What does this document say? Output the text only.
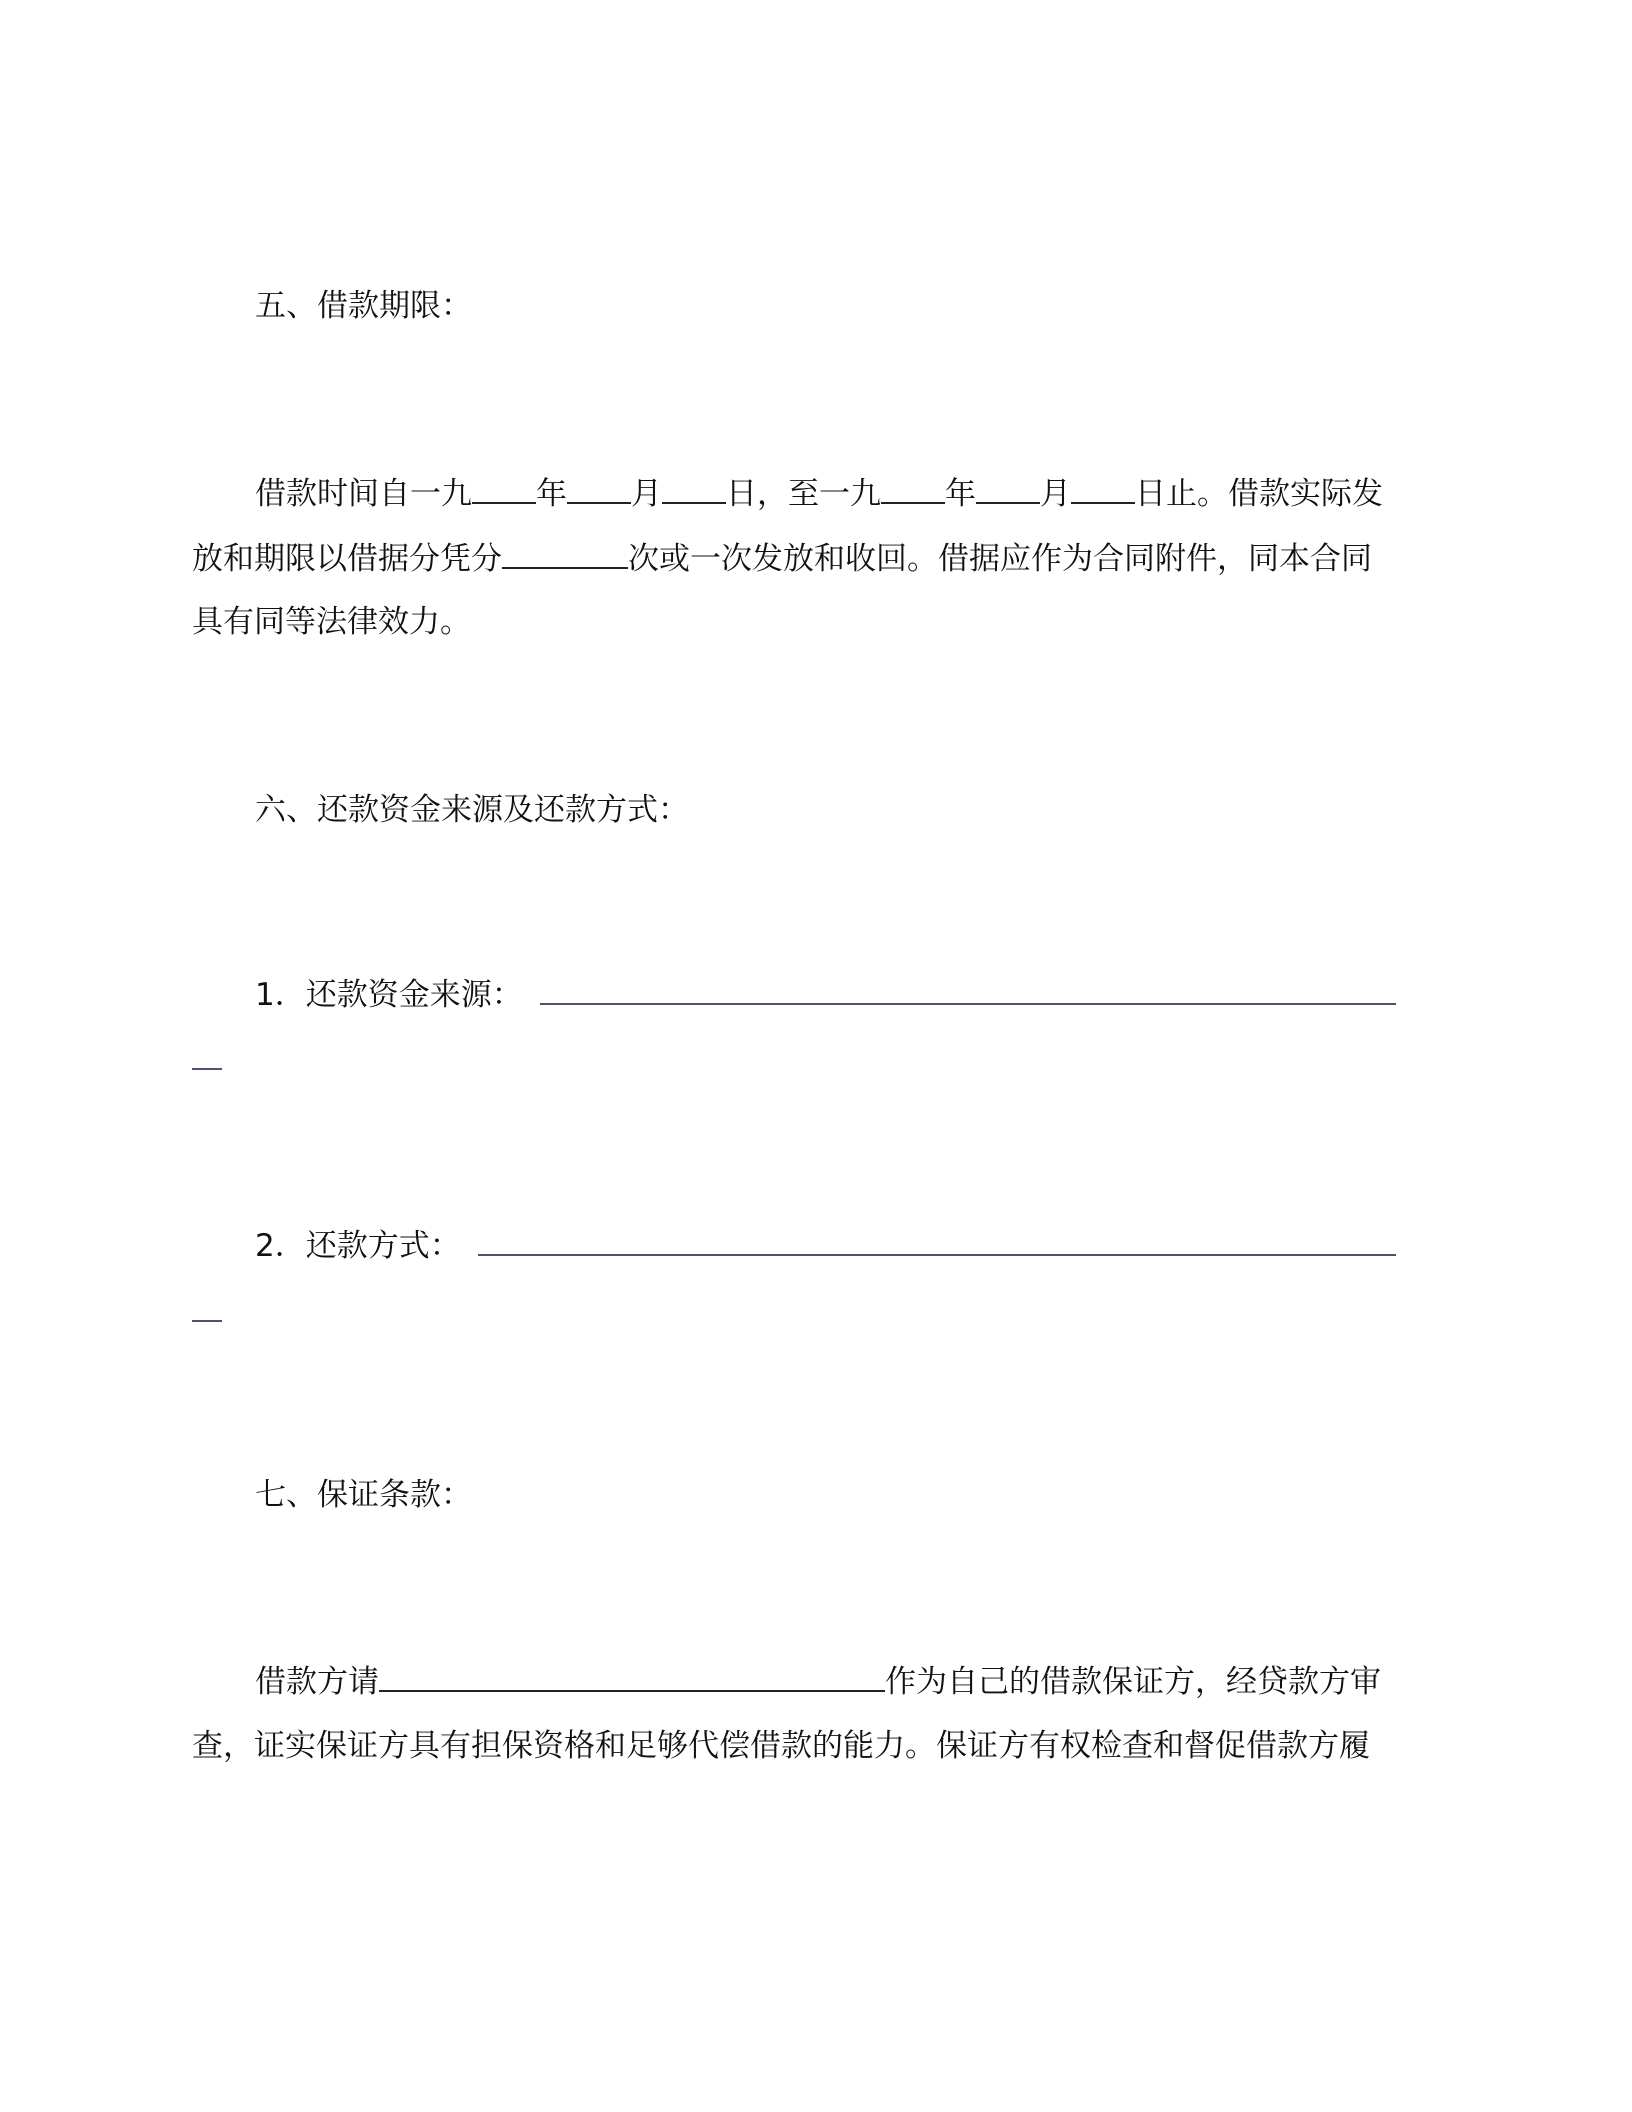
五、借款期限：
借款时间自一九 年 月 日，至一九 年 月 日止。借款实际发
放和期限以借据分凭分	次或一次发放和收回。借据应作为合同附件，同本合同
具有同等法律效力。
六、还款资金来源及还款方式：
1．还款资金来源：
2．还款方式：
七、保证条款：
借款方请	作为自己的借款保证方，经贷款方审
查，证实保证方具有担保资格和足够代偿借款的能力。保证方有权检查和督促借款方履
